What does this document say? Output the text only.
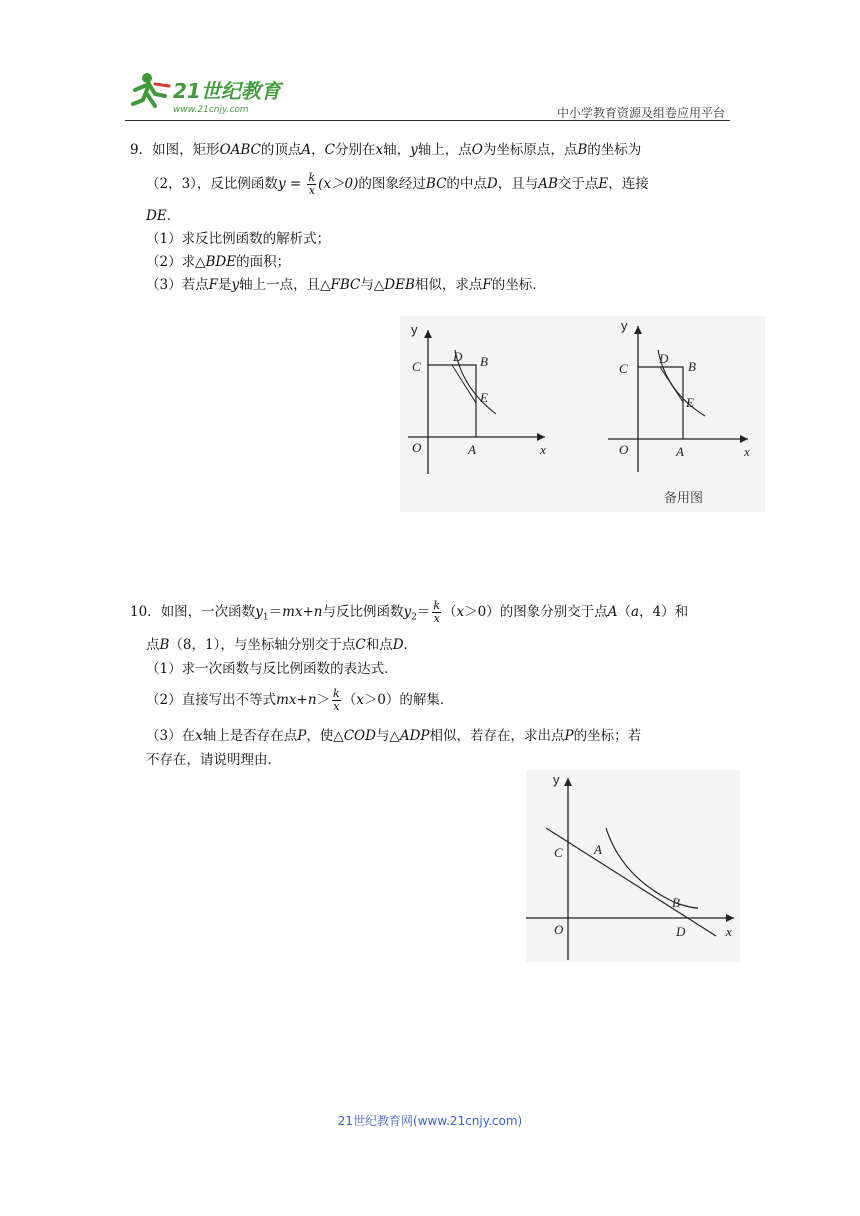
21世纪教育
www.21cnjy.com	中小学教育资源及组卷应用平台
9．如图，矩形OABC的顶点A，C分别在x轴，y轴上，点O为坐标原点，点B的坐标为
（2，3），反比例函数$y = \frac{k}{x} (x>0)$的图象经过BC的中点D，且与AB交于点E，连接
DE．
（1）求反比例函数的解析式；
（2）求△BDE的面积；
（3）若点F是y轴上一点，且△FBC与△DEB相似，求点F的坐标．
y
x
O	A
B
C
D
E
y
x
O	A
B
C
D
E
备用图
10．如图，一次函数$y_1=mx+n$与反比例函数$y_2= \frac{k}{x} (x>0)$的图象分别交于点A（a，4）和
点B（8，1），与坐标轴分别交于点C和点D．
（1）求一次函数与反比例函数的表达式．
（2）直接写出不等式$mx+n> \frac{k}{x} (x>0)$的解集．
（3）在x轴上是否存在点P，使△COD与△ADP相似，若存在，求出点P的坐标；若
不存在，请说明理由．
y
x
O
C A
B
D
21世纪教育网(www.21cnjy.com)
